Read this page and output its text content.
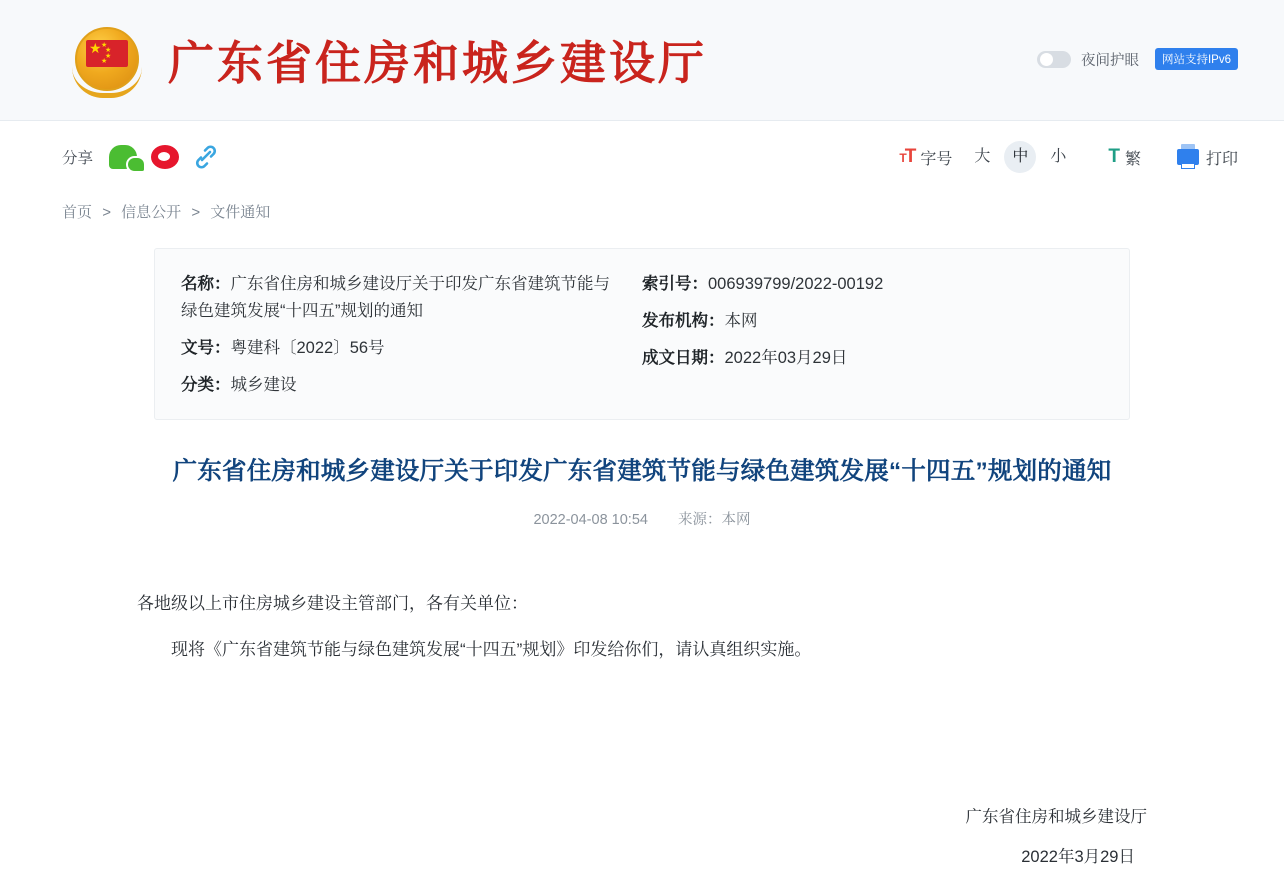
★ ★
★
★
★ 广东省住房和城乡建设厅	夜间护眼	网站支持IPv6
分享	TT 字号	大	中	小	T 繁	打印
首页 > 信息公开 > 文件通知
名称：广东省住房和城乡建设厅关于印发广东省建筑节能与绿色建筑发展“十四五”规划的通知
文号：粤建科〔2022〕56号
分类：城乡建设
索引号：006939799/2022-00192
发布机构：本网
成文日期：2022年03月29日
广东省住房和城乡建设厅关于印发广东省建筑节能与绿色建筑发展“十四五”规划的通知
2022-04-08 10:54 来源：本网

各地级以上市住房城乡建设主管部门，各有关单位：

现将《广东省建筑节能与绿色建筑发展“十四五”规划》印发给你们，请认真组织实施。

广东省住房和城乡建设厅
2022年3月29日
